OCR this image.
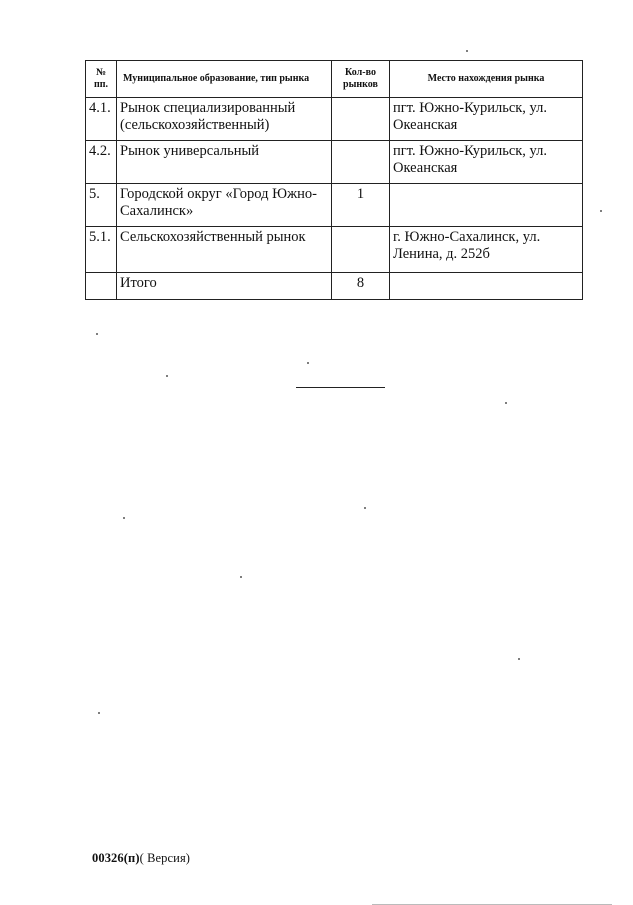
№ пп.	Муниципальное образование, тип рынка	Кол-во рынков	Место нахождения рынка
4.1.	Рынок специализированный (сельскохозяйственный)		пгт. Южно-Курильск, ул. Океанская
4.2.	Рынок универсальный		пгт. Южно-Курильск, ул. Океанская
5.	Городской округ «Город Южно-Сахалинск»	1	
5.1.	Сельскохозяйственный рынок		г. Южно-Сахалинск, ул. Ленина, д. 252б
	Итого	8	
00326(п)( Версия)
